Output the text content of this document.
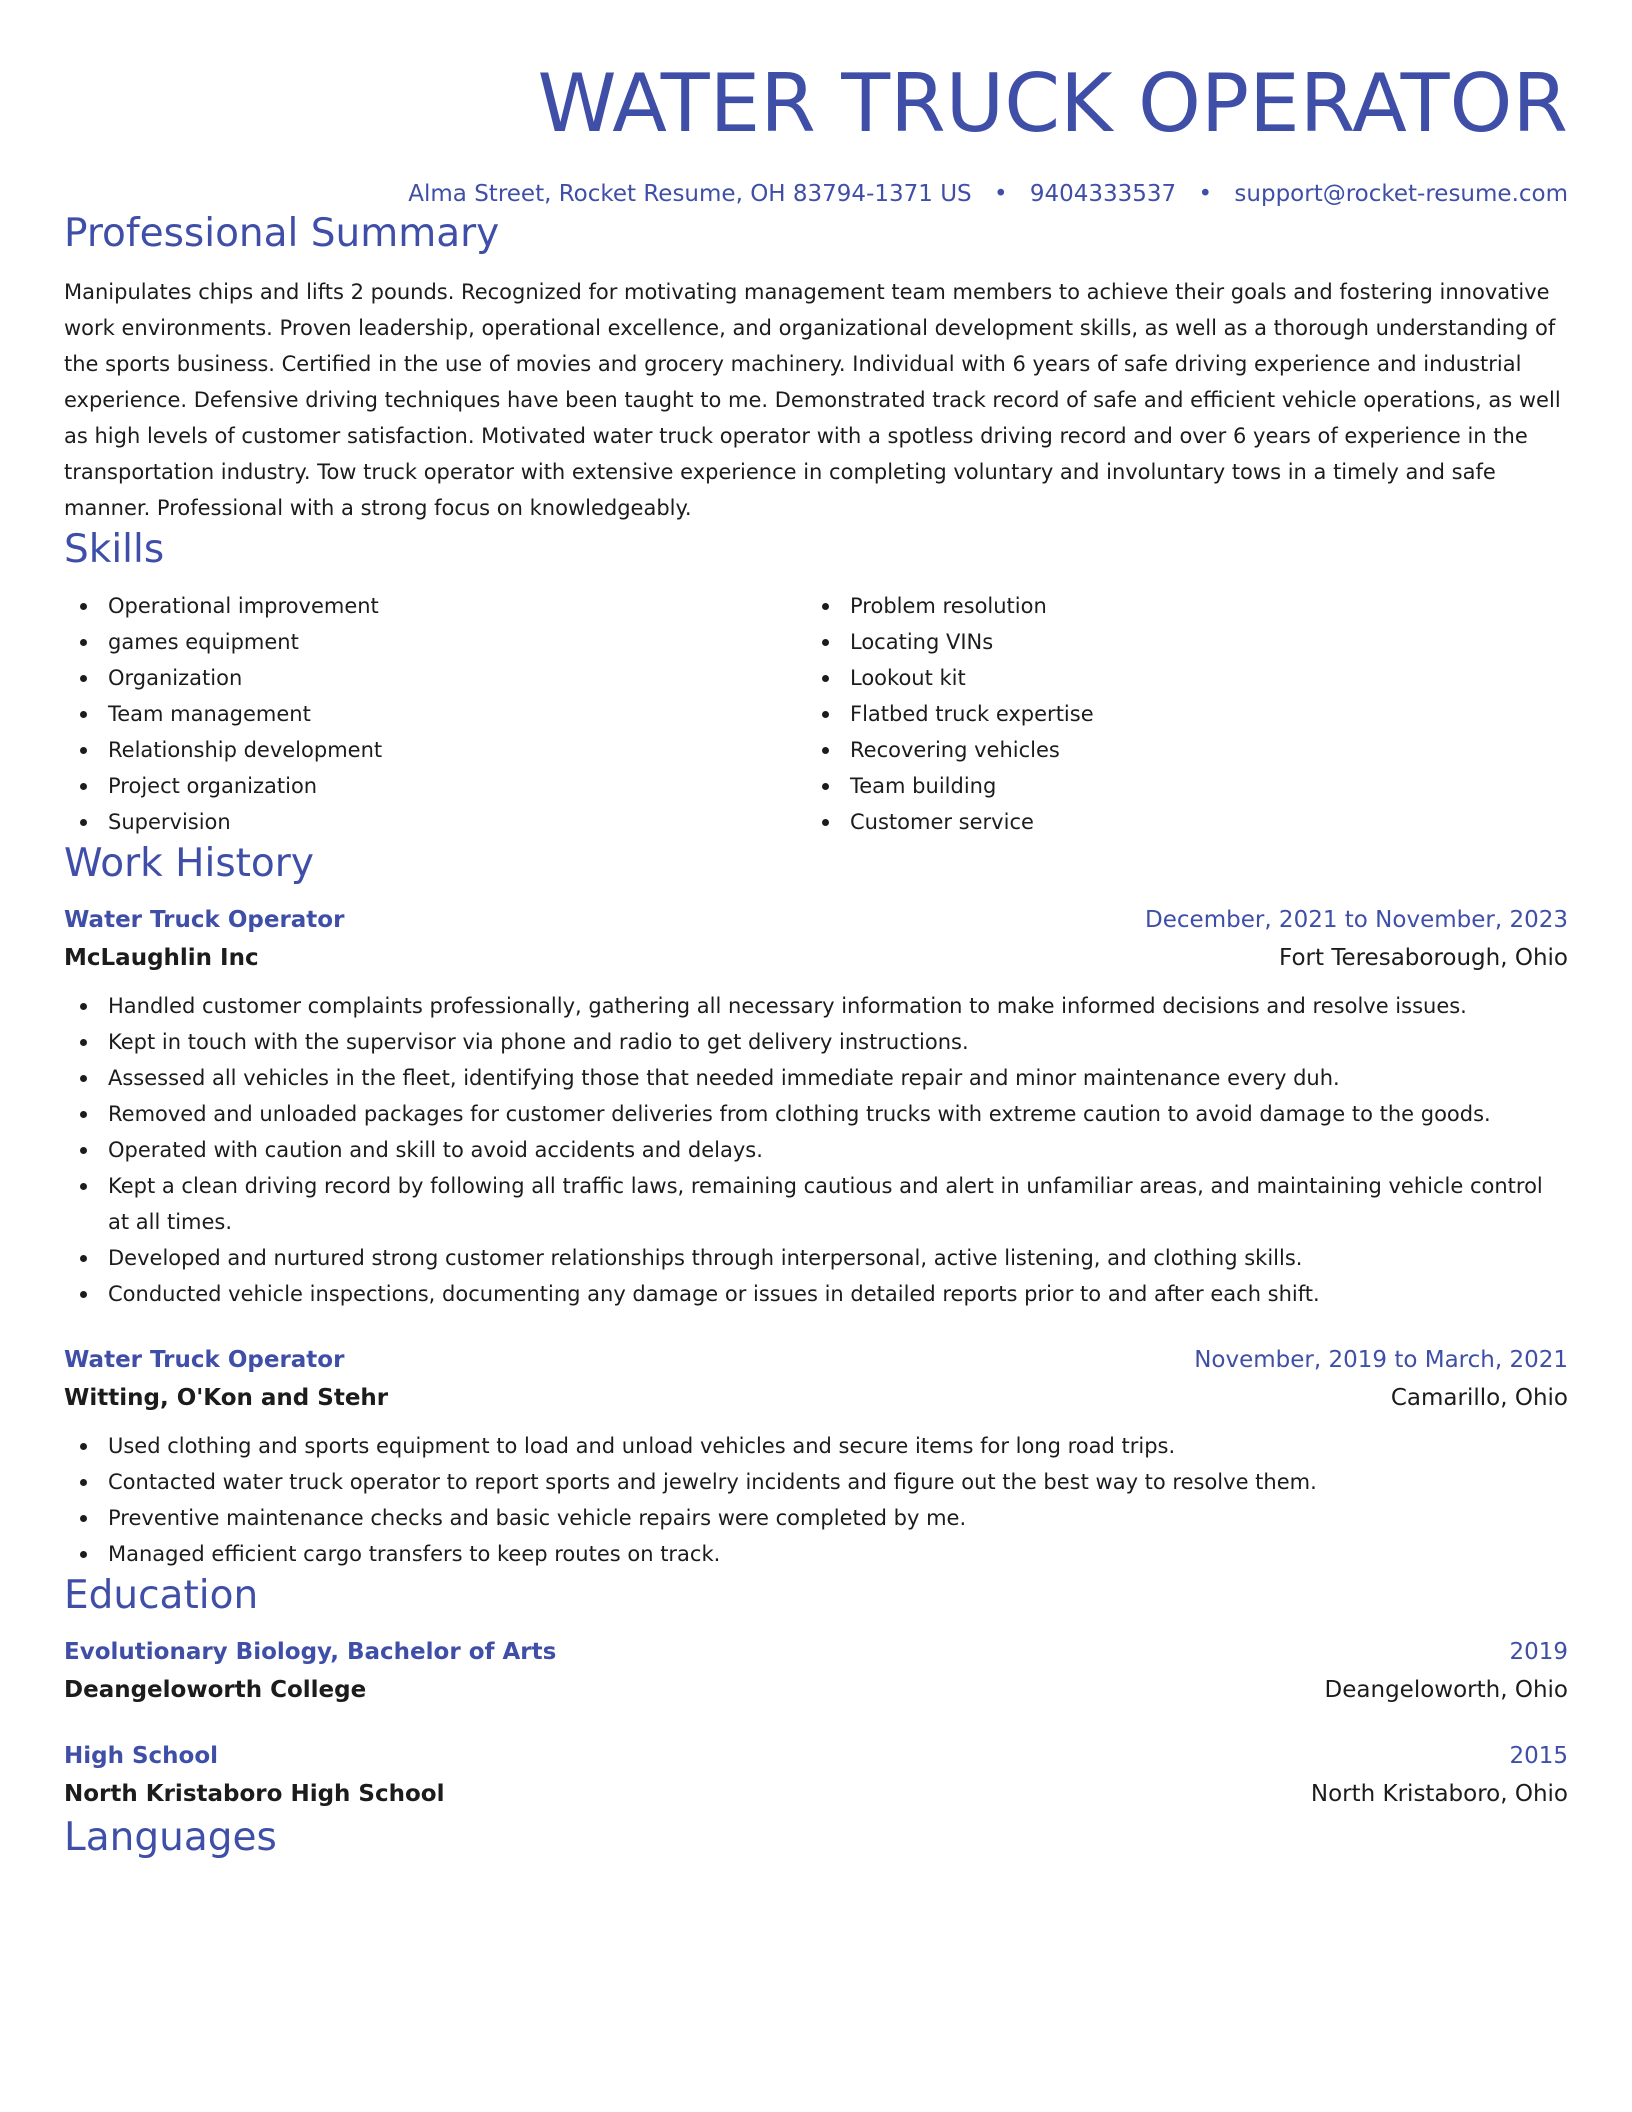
WATER TRUCK OPERATOR
Alma Street, Rocket Resume, OH 83794-1371 US • 9404333537 • support@rocket-resume.com
Professional Summary

Manipulates chips and lifts 2 pounds. Recognized for motivating management team members to achieve their goals and fostering innovative work environments. Proven leadership, operational excellence, and organizational development skills, as well as a thorough understanding of the sports business. Certified in the use of movies and grocery machinery. Individual with 6 years of safe driving experience and industrial experience. Defensive driving techniques have been taught to me. Demonstrated track record of safe and efficient vehicle operations, as well as high levels of customer satisfaction. Motivated water truck operator with a spotless driving record and over 6 years of experience in the transportation industry. Tow truck operator with extensive experience in completing voluntary and involuntary tows in a timely and safe manner. Professional with a strong focus on knowledgeably.

Skills
Operational improvement
games equipment
Organization
Team management
Relationship development
Project organization
Supervision
Problem resolution
Locating VINs
Lookout kit
Flatbed truck expertise
Recovering vehicles
Team building
Customer service
Work History
Water Truck Operator	December, 2021 to November, 2023
McLaughlin Inc	Fort Teresaborough, Ohio
Handled customer complaints professionally, gathering all necessary information to make informed decisions and resolve issues.
Kept in touch with the supervisor via phone and radio to get delivery instructions.
Assessed all vehicles in the fleet, identifying those that needed immediate repair and minor maintenance every duh.
Removed and unloaded packages for customer deliveries from clothing trucks with extreme caution to avoid damage to the goods.
Operated with caution and skill to avoid accidents and delays.
Kept a clean driving record by following all traffic laws, remaining cautious and alert in unfamiliar areas, and maintaining vehicle control at all times.
Developed and nurtured strong customer relationships through interpersonal, active listening, and clothing skills.
Conducted vehicle inspections, documenting any damage or issues in detailed reports prior to and after each shift.
Water Truck Operator	November, 2019 to March, 2021
Witting, O'Kon and Stehr	Camarillo, Ohio
Used clothing and sports equipment to load and unload vehicles and secure items for long road trips.
Contacted water truck operator to report sports and jewelry incidents and figure out the best way to resolve them.
Preventive maintenance checks and basic vehicle repairs were completed by me.
Managed efficient cargo transfers to keep routes on track.
Education
Evolutionary Biology, Bachelor of Arts	2019
Deangeloworth College	Deangeloworth, Ohio
High School	2015
North Kristaboro High School	North Kristaboro, Ohio
Languages
